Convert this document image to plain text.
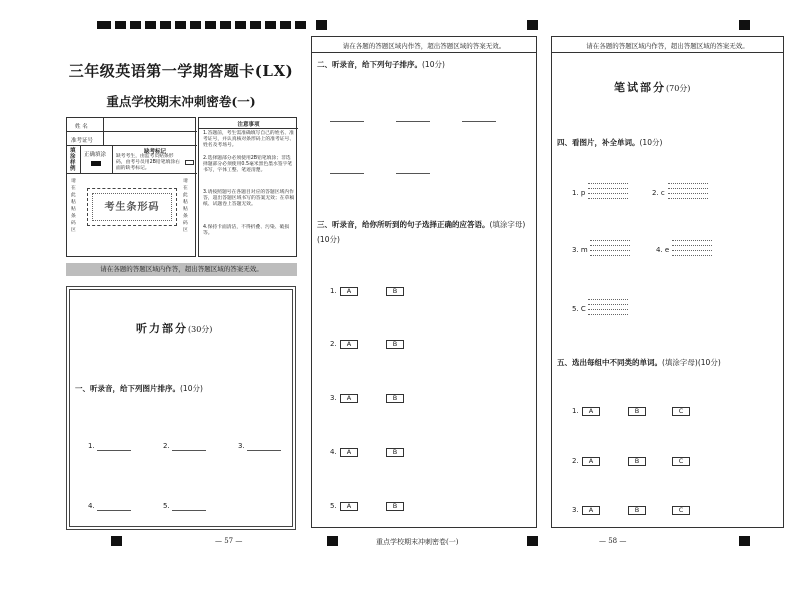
三年级英语第一学期答题卡(LX)
重点学校期末冲刺密卷(一)
姓 名
准考证号
填涂样例
正确填涂	缺考标记
缺考考生，由监考员贴条形码，由考号员用2B铅笔填涂右面的缺考标记。
请在此粘贴条码区
考生条形码
请在此粘贴条码区
注意事项
1.答题前，考生需准确填写自己的姓名、准考证号，并认真核对条形码上的准考证号、姓名及考场号。
2.选择题部分必须使用2B铅笔填涂；非选择题部分必须使用0.5毫米黑色墨水签字笔书写，字体工整、笔迹清楚。
3.请按照题号在各题目对应的答题区域内作答，超出答题区域书写的答案无效；在草稿纸、试题卷上答题无效。
4.保持卡面清洁，不得折叠、污染、破损等。
请在各题的答题区域内作答，超出答题区域的答案无效。
听力部分(30分)
一、听录音，给下列图片排序。(10分)
1.	2.	3.
4.	5.
请在各题的答题区域内作答，超出答题区域的答案无效。
二、听录音，给下列句子排序。(10分)
三、听录音，给你所听到的句子选择正确的应答语。(填涂字母)(10分)
1.	A	B
2.	A	B
3.	A	B
4.	A	B
5.	A	B
请在各题的答题区域内作答，超出答题区域的答案无效。
笔试部分(70分)
四、看图片，补全单词。(10分)
1. p	2. c
3. m	4. e
5. C
五、选出每组中不同类的单词。(填涂字母)(10分)
1.	A	B	C
2.	A	B	C
3.	A	B	C
— 57 —	重点学校期末冲刺密卷(一)	— 58 —
